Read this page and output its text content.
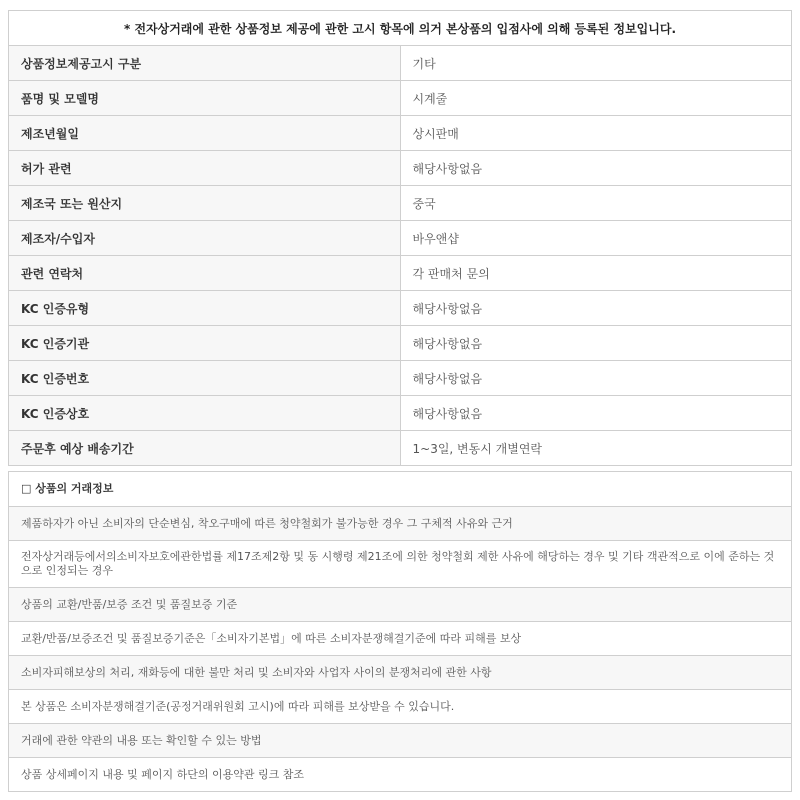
* 전자상거래에 관한 상품정보 제공에 관한 고시 항목에 의거 본상품의 입점사에 의해 등록된 정보입니다.	
상품정보제공고시 구분	기타
품명 및 모델명	시계줄
제조년월일	상시판매
허가 관련	해당사항없음
제조국 또는 원산지	중국
제조자/수입자	바우앤샵
관련 연락처	각 판매처 문의
KC 인증유형	해당사항없음
KC 인증기관	해당사항없음
KC 인증번호	해당사항없음
KC 인증상호	해당사항없음
주문후 예상 배송기간	1~3일, 변동시 개별연락
□ 상품의 거래정보
제품하자가 아닌 소비자의 단순변심, 착오구매에 따른 청약철회가 불가능한 경우 그 구체적 사유와 근거
전자상거래등에서의소비자보호에관한법률 제17조제2항 및 동 시행령 제21조에 의한 청약철회 제한 사유에 해당하는 경우 및 기타 객관적으로 이에 준하는 것으로 인정되는 경우
상품의 교환/반품/보증 조건 및 품질보증 기준
교환/반품/보증조건 및 품질보증기준은「소비자기본법」에 따른 소비자분쟁해결기준에 따라 피해를 보상
소비자피해보상의 처리, 재화등에 대한 불만 처리 및 소비자와 사업자 사이의 분쟁처리에 관한 사항
본 상품은 소비자분쟁해결기준(공정거래위원회 고시)에 따라 피해를 보상받을 수 있습니다.
거래에 관한 약관의 내용 또는 확인할 수 있는 방법
상품 상세페이지 내용 및 페이지 하단의 이용약관 링크 참조
